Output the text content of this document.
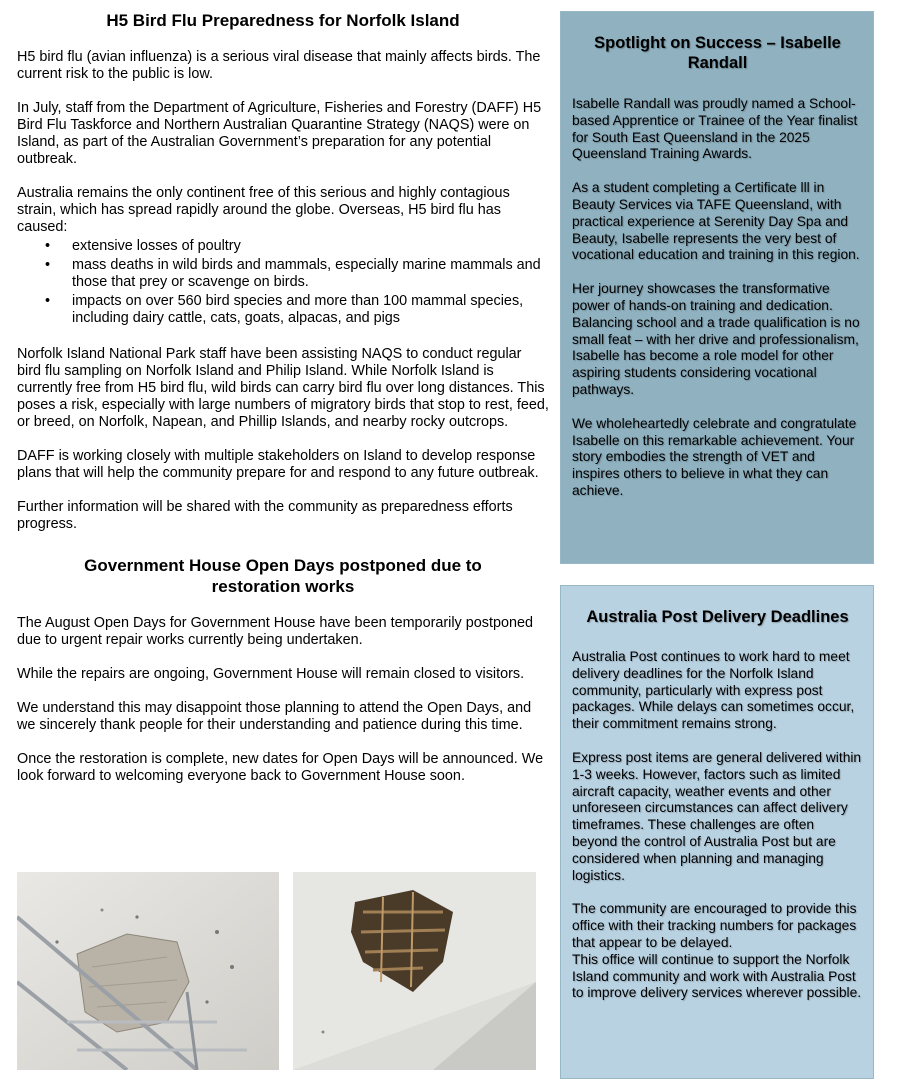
H5 Bird Flu Preparedness for Norfolk Island

H5 bird flu (avian influenza) is a serious viral disease that mainly affects birds. The current risk to the public is low.

In July, staff from the Department of Agriculture, Fisheries and Forestry (DAFF) H5 Bird Flu Taskforce and Northern Australian Quarantine Strategy (NAQS) were on Island, as part of the Australian Government’s preparation for any potential outbreak.

Australia remains the only continent free of this serious and highly contagious strain, which has spread rapidly around the globe. Overseas, H5 bird flu has caused:

• extensive losses of poultry
• mass deaths in wild birds and mammals, especially marine mammals and those that prey or scavenge on birds.
• impacts on over 560 bird species and more than 100 mammal species, including dairy cattle, cats, goats, alpacas, and pigs

Norfolk Island National Park staff have been assisting NAQS to conduct regular bird flu sampling on Norfolk Island and Philip Island. While Norfolk Island is currently free from H5 bird flu, wild birds can carry bird flu over long distances. This poses a risk, especially with large numbers of migratory birds that stop to rest, feed, or breed, on Norfolk, Napean, and Phillip Islands, and nearby rocky outcrops.

DAFF is working closely with multiple stakeholders on Island to develop response plans that will help the community prepare for and respond to any future outbreak.

Further information will be shared with the community as preparedness efforts progress.

Government House Open Days postponed due to restoration works

The August Open Days for Government House have been temporarily postponed due to urgent repair works currently being undertaken.

While the repairs are ongoing, Government House will remain closed to visitors.

We understand this may disappoint those planning to attend the Open Days, and we sincerely thank people for their understanding and patience during this time.

Once the restoration is complete, new dates for Open Days will be announced. We look forward to welcoming everyone back to Government House soon.

Spotlight on Success – Isabelle Randall

Isabelle Randall was proudly named a School-based Apprentice or Trainee of the Year finalist for South East Queensland in the 2025 Queensland Training Awards.

As a student completing a Certificate lll in Beauty Services via TAFE Queensland, with practical experience at Serenity Day Spa and Beauty, Isabelle represents the very best of vocational education and training in this region.

Her journey showcases the transformative power of hands-on training and dedication. Balancing school and a trade qualification is no small feat – with her drive and professionalism, Isabelle has become a role model for other aspiring students considering vocational pathways.

We wholeheartedly celebrate and congratulate Isabelle on this remarkable achievement. Your story embodies the strength of VET and inspires others to believe in what they can achieve.

Australia Post Delivery Deadlines

Australia Post continues to work hard to meet delivery deadlines for the Norfolk Island community, particularly with express post packages. While delays can sometimes occur, their commitment remains strong.

Express post items are general delivered within 1-3 weeks. However, factors such as limited aircraft capacity, weather events and other unforeseen circumstances can affect delivery timeframes. These challenges are often beyond the control of Australia Post but are considered when planning and managing logistics.

The community are encouraged to provide this office with their tracking numbers for packages that appear to be delayed.

This office will continue to support the Norfolk Island community and work with Australia Post to improve delivery services wherever possible.
